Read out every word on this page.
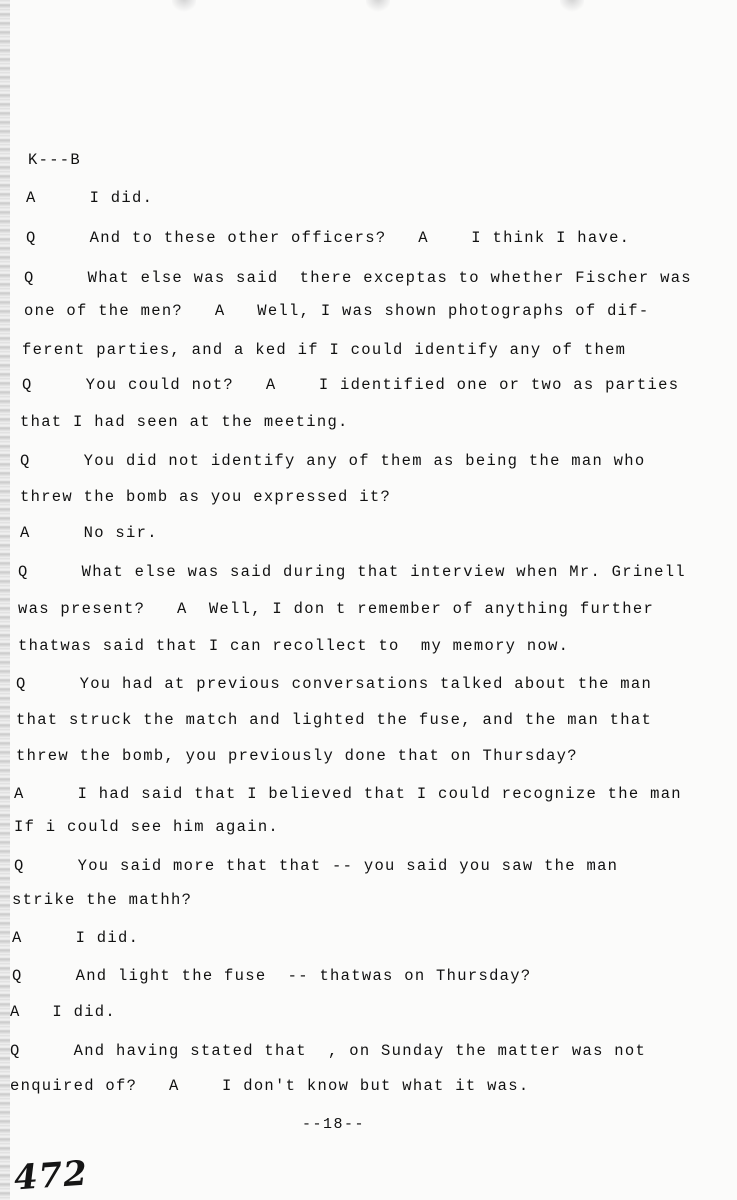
K---B
A     I did.
Q     And to these other officers?   A    I think I have.
Q     What else was said  there exceptas to whether Fischer was
one of the men?   A   Well, I was shown photographs of dif-
ferent parties, and a ked if I could identify any of them
Q     You could not?   A    I identified one or two as parties
that I had seen at the meeting.
Q     You did not identify any of them as being the man who
threw the bomb as you expressed it?
A     No sir.
Q     What else was said during that interview when Mr. Grinell
was present?   A  Well, I don t remember of anything further
thatwas said that I can recollect to  my memory now.
Q     You had at previous conversations talked about the man
that struck the match and lighted the fuse, and the man that
threw the bomb, you previously done that on Thursday?
A     I had said that I believed that I could recognize the man
If i could see him again.
Q     You said more that that -- you said you saw the man
strike the mathh?
A     I did.
Q     And light the fuse  -- thatwas on Thursday?
A   I did.
Q     And having stated that  , on Sunday the matter was not
enquired of?   A    I don't know but what it was.
--18--
472
